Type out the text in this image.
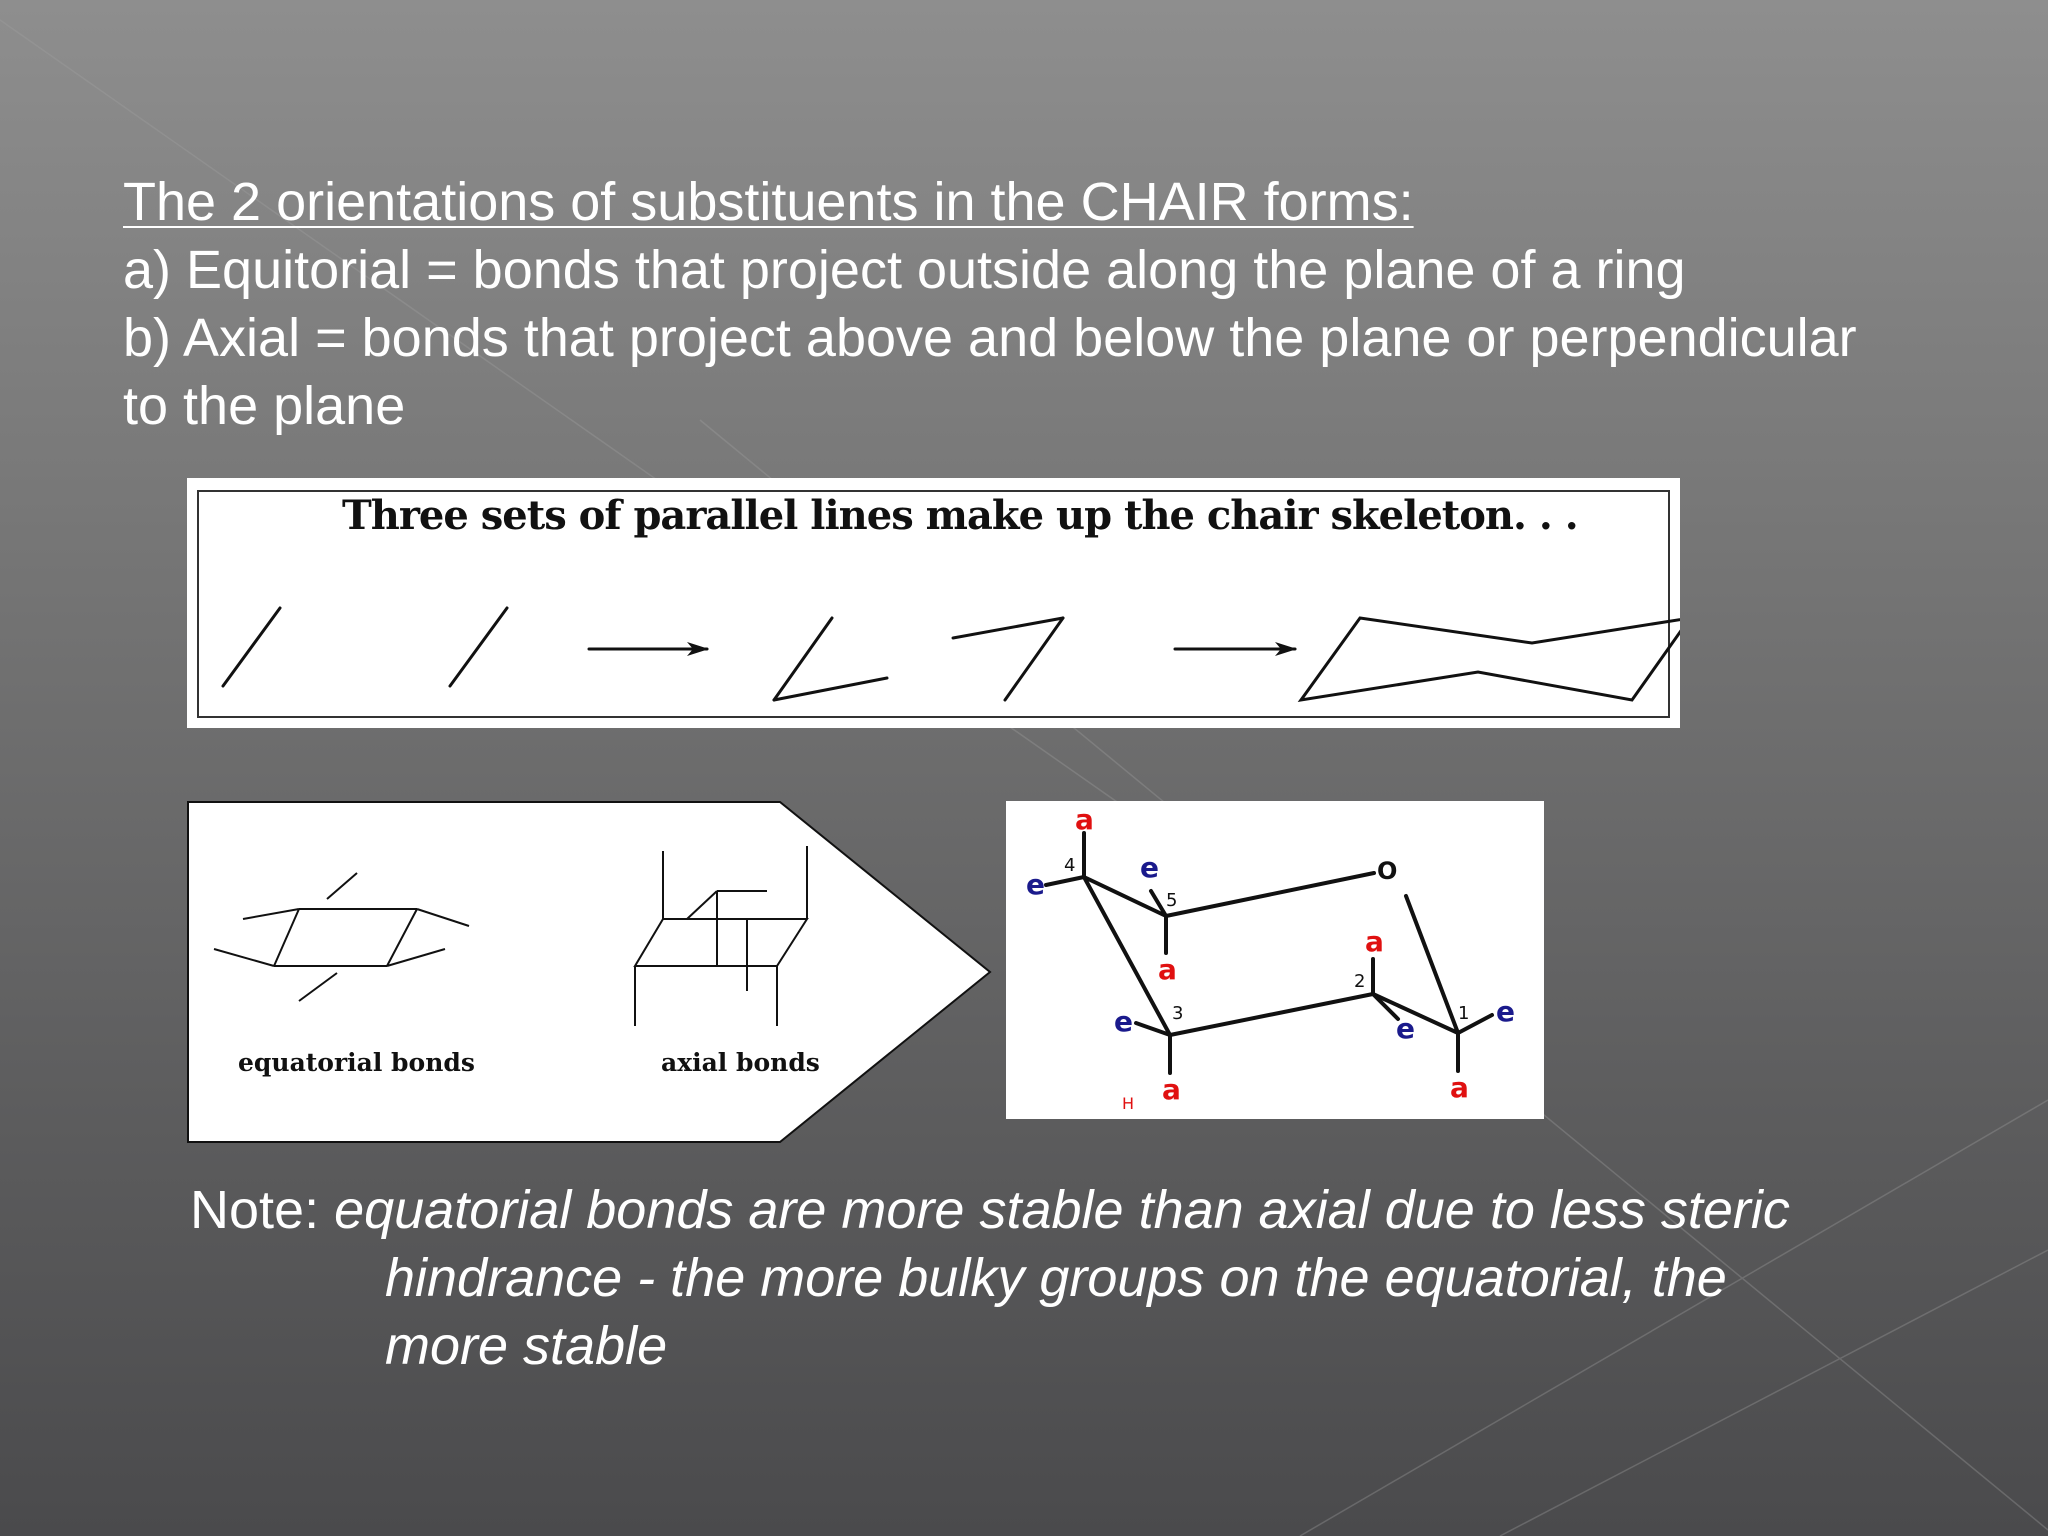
The 2 orientations of substituents in the CHAIR forms:
a) Equitorial = bonds that project outside along the plane of a ring
b) Axial = bonds that project above and below the plane or perpendicular
to the plane
Three sets of parallel lines make up the chair skeleton. . .
equatorial bonds	axial bonds
a
a
a
a
a
e
e
e	e
e
O
4
5
3
2
1
H
Note: equatorial bonds are more stable than axial due to less steric
hindrance - the more bulky groups on the equatorial, the
more stable
